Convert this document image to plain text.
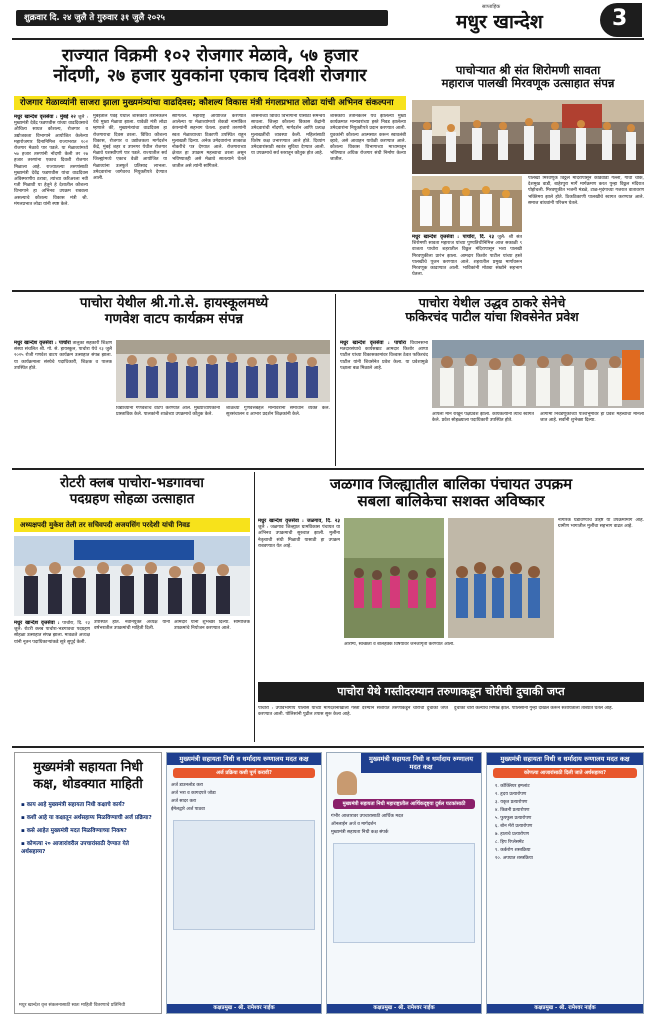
शुक्रवार दि. २४ जुलै ते गुरुवार ३१ जुलै २०२५
साप्ताहिक
मधुर खान्देश	3
राज्यात विक्रमी १०२ रोजगार मेळावे, ५७ हजार
नोंदणी, २७ हजार युवकांना एकाच दिवशी रोजगार
रोजगार मेळाव्यांनी साजरा झाला मुख्यमंत्र्यांचा वाढदिवस; कौशल्य विकास मंत्री मंगलप्रभात लोढा यांची अभिनव संकल्पना
मधुर खान्देश वृत्तसेवा : मुंबई २२ जुलै : मुख्यमंत्री देवेंद्र फडणवीस यांच्या वाढदिवसाचे औचित्य साधत कौशल्य, रोजगार व उद्योजकता विभागाने आयोजित केलेल्या महारोजगार दिनानिमित्त राज्यभरात १०२ रोजगार मेळावे पार पडले. या मेळाव्यांमध्ये ५७ हजार तरुणांनी नोंदणी केली तर २७ हजार तरुणांना एकाच दिवशी रोजगार मिळाला आहे. राज्यातल्या तरुणांसाठी मुख्यमंत्री देवेंद्र फडणवीस यांचा वाढदिवस अविस्मरणीय ठरावा, त्यांच्या करिअरला नवी गती मिळावी या हेतूने हे देशातील कौशल्य विभागाने हा अभिनव उपक्रम राबवला असल्याचे कौशल्य विकास मंत्री श्री. मंगलप्रभात लोढा यांनी स्पष्ट केले.
मुंबईतील पवई येथील शासकीय तंत्रनिकेतन येथे मुख्य मेळावा झाला. यावेळी मंत्री लोढा म्हणाले की, मुख्यमंत्र्यांचा वाढदिवस हा रोजगाराचा दिवस ठरला. विविध कौशल्य विकास, रोजगार व उद्योजकता मार्गदर्शन केंद्रे, मुंबई शहर व उपनगर येथील रोजगार मेळावे यशस्वीपणे पार पडले. राज्यातील सर्व जिल्ह्यांमध्ये एकाच वेळी आयोजित या मेळाव्यांना उत्स्फूर्त प्रतिसाद लाभला. उमेदवारांना जागेवरच नियुक्तीपत्रे देण्यात आली.
सांगितले. महाराष्ट्र आयोजित करण्यात आलेल्या या मेळाव्यांमध्ये शेकडो नामांकित कंपन्यांनी सहभाग घेतला. हजारो तरुणांनी स्वतः मेळाव्याच्या ठिकाणी उपस्थित राहून मुलाखती दिल्या. अनेक उमेदवारांना तात्काळ नोकरीचे पत्र देण्यात आले. रोजगाराच्या क्षेत्रात हा उपक्रम महत्त्वाचा ठरला असून भविष्यातही असे मेळावे सातत्याने घेतले जातील असे त्यांनी सांगितले.
शासनाच्या विविध विभागांनी यासाठी समन्वय साधला. जिल्हा कौशल्य विकास केंद्रांनी उमेदवारांची नोंदणी, मार्गदर्शन आणि प्रत्यक्ष मुलाखतींची व्यवस्था केली. महिलांसाठी विशेष कक्ष उभारण्यात आले होते. दिव्यांग उमेदवारांसाठी स्वतंत्र सुविधा देण्यात आली. या उपक्रमाचे सर्व स्तरातून कौतुक होत आहे.
शासकीय तंत्रनिकेतन येथे झालेल्या मुख्य कार्यक्रमात मान्यवरांच्या हस्ते निवड झालेल्या उमेदवारांना नियुक्तीपत्रे प्रदान करण्यात आली. युवकांनी कौशल्य आत्मसात करून स्वावलंबी व्हावे, असे आवाहन यावेळी करण्यात आले. कौशल्य विकास विभागाच्या माध्यमातून भविष्यात अधिक रोजगार संधी निर्माण केल्या जातील.
पाचोऱ्यात श्री संत शिरोमणी सावता
महाराज पालखी मिरवणूक उत्साहात संपन्न
मधुर खान्देश वृत्तसेवा : पाचोरा, दि. २३ जुलै: श्री संत शिरोमणी सावता महाराज यांच्या पुण्यतिथीनिमित्त आज सकाळी ९ वाजता पाचोरा शहरातील विठ्ठल मंदिरापासून भव्य पालखी मिरवणुकीला प्रारंभ झाला. आमदार किशोर पाटील यांच्या हस्ते पालखीचे पूजन करण्यात आले. शहरातील प्रमुख मार्गांवरून मिरवणूक काढण्यात आली. भाविकांनी मोठ्या संख्येने सहभाग घेतला.
पालखी मिरवणूक विठ्ठल मंदिरापासून कोंडवाडा गल्ली, गांधी चौक, देशमुख वाडी, बाहेरपुरा मार्गे मार्गक्रमण करत पुन्हा विठ्ठल मंदिरात पोहोचली. मिरवणुकीत भजनी मंडळे, टाळ-मृदंगाच्या गजरात वातावरण भक्तिमय झाले होते. ठिकठिकाणी पालखीचे स्वागत करण्यात आले. समाज बांधवांनी परिश्रम घेतले.
पाचोरा येथील श्री.गो.से. हायस्कूलमध्ये
गणवेश वाटप कार्यक्रम संपन्न
मधुर खान्देश वृत्तसेवा : पाचोरा तालुका सहकारी शिक्षण संस्था संचलित श्री. गो. से. हायस्कूल, पाचोरा येथे २३ जुलै २०२५ रोजी गणवेश वाटप कार्यक्रम उत्साहात संपन्न झाला. या कार्यक्रमाला संस्थेचे पदाधिकारी, शिक्षक व पालक उपस्थित होते.
विद्यार्थ्यांना गणवेशाचे वाटप करण्यात आले. मुख्याध्यापकांनी प्रास्ताविक केले. पालकांनी शाळेच्या उपक्रमाचे कौतुक केले.
शाळेच्या गुणवत्तेबद्दल मान्यवरांनी समाधान व्यक्त केले. सूत्रसंचालन व आभार प्रदर्शन शिक्षकांनी केले.
पाचोरा येथील उद्धव ठाकरे सेनेचे
फकिरचंद पाटील यांचा शिवसेनेत प्रवेश
मधुर खान्देश वृत्तसेवा : पाचोरा विधानसभा मतदारसंघाचे कार्यसम्राट आमदार किशोर आप्पा पाटील यांच्या विकासकामांवर विश्वास ठेवत फकिरचंद पाटील यांनी शिवसेनेत प्रवेश केला. या प्रवेशामुळे पक्षाला बळ मिळाले आहे.
आपला मान राखून पक्षप्रवेश झाला. कार्यकर्त्यांनी त्यांचे स्वागत केले. प्रवेश सोहळ्याला पदाधिकारी उपस्थित होते.
आगामी निवडणुकीच्या पार्श्वभूमीवर हा प्रवेश महत्त्वाचा मानला जात आहे. सर्वांनी शुभेच्छा दिल्या.
रोटरी क्लब पाचोरा-भडगावचा
पदग्रहण सोहळा उत्साहात
अध्यक्षपदी मुकेश तेली तर सचिवपदी अजयसिंग परदेशी यांची निवड
मधुर खान्देश वृत्तसेवा : पाचोरा, दि. २३ जुलै: रोटरी क्लब पाचोरा-भडगावचा पदग्रहण सोहळा उत्साहात संपन्न झाला. मावळते अध्यक्ष यांनी नूतन पदाधिकाऱ्यांकडे सूत्रे सुपूर्द केली.
उपस्थित होते. नवनियुक्त अध्यक्ष यांनी वर्षभरातील उपक्रमांची माहिती दिली.
आमदार यांनी शुभेच्छा दिल्या. सामाजिक उपक्रमांचे नियोजन करण्यात आले.
जळगाव जिल्ह्यातील बालिका पंचायत उपक्रम
सबला बालिकेचा सशक्त अविष्कार
मधुर खान्देश वृत्तसेवा : जळगाव, दि. २३ जुलै : जळगाव जिल्ह्यात ग्रामविकास पंचायत या अभिनव उपक्रमाची सुरुवात झाली. मुलींना नेतृत्वाची संधी मिळावी यासाठी हा उपक्रम राबवण्यात येत आहे.
आरोग्य, स्वच्छता व बालहक्क विषयांवर जनजागृती करण्यात आली.
नागरिक घडविण्याचे उद्दिष्ट या उपक्रमामागे आहे. ग्रामीण भागातील मुलींचा सहभाग वाढत आहे.
पाचोरा येथे गस्तीदरम्यान तरुणाकडून चोरीची दुचाकी जप्त
पाचोरा : उपविभागीय पोलीस यांच्या मार्गदर्शनाखाली गस्ती दरम्यान संशयित तरुणाकडून चोरीची दुचाकी जप्त करण्यात आली. पोलिसांनी पुढील तपास सुरू केला आहे.
दुचाकी चोरी केल्याचे निष्पन्न झाले. पोलिसांनी गुन्हा दाखल करून संशयिताला ताब्यात घेतले आहे.
मुख्यमंत्री सहायता निधी कक्ष, थोडक्यात माहिती
▪ काय आहे मुख्यमंत्री सहायता निधी कक्षाचे कार्य?
▪ कशी आहे या कक्षातून अर्थसहाय्य मिळविण्याची अर्ज प्रक्रिया?
▪ कसे आहेत मुख्यमंत्री मदत मिळविण्याच्या निकष?
▪ कोणत्या २० आजारांवरील उपचारांसाठी देण्यात येते अर्थसहाय्य?
मधुर खान्देश वृत्त संकलनासाठी स्वतः माहिती वितरणाचे प्रतिनिधी
मुख्यमंत्री सहायता निधी व धर्मादाय रुग्णालय मदत कक्ष
अर्ज प्रक्रिया कशी पूर्ण करावी?
अर्ज डाउनलोड करा
अर्ज भरा व कागदपत्रे जोडा
अर्ज सादर करा
ईमेलद्वारे अर्ज पाठवा
कक्षप्रमुख - श्री. रामेश्वर नाईक
मुख्यमंत्री सहायता निधी व धर्मादाय रुग्णालय मदत कक्ष
मुख्यमंत्री सहायता निधी महाराष्ट्रातील आर्थिकदृष्ट्या दुर्बल घटकांसाठी
गंभीर आजारावर उपचारासाठी आर्थिक मदत
ऑनलाईन अर्ज व मार्गदर्शन
मुख्यमंत्री सहायता निधी कक्ष संपर्क
कक्षप्रमुख - श्री. रामेश्वर नाईक
मुख्यमंत्री सहायता निधी व धर्मादाय रुग्णालय मदत कक्ष
कोणत्या आजारांसाठी दिली जाते अर्थसहाय्य?
१. कॉक्लियर इम्प्लांट
२. हृदय प्रत्यारोपण
३. यकृत प्रत्यारोपण
४. किडनी प्रत्यारोपण
५. फुफ्फुस प्रत्यारोपण
६. बोन मॅरो प्रत्यारोपण
७. हाताचे प्रत्यारोपण
८. हिप रिप्लेसमेंट
९. कर्करोग शस्त्रक्रिया
१०. अपघात शस्त्रक्रिया
कक्षप्रमुख - श्री. रामेश्वर नाईक
